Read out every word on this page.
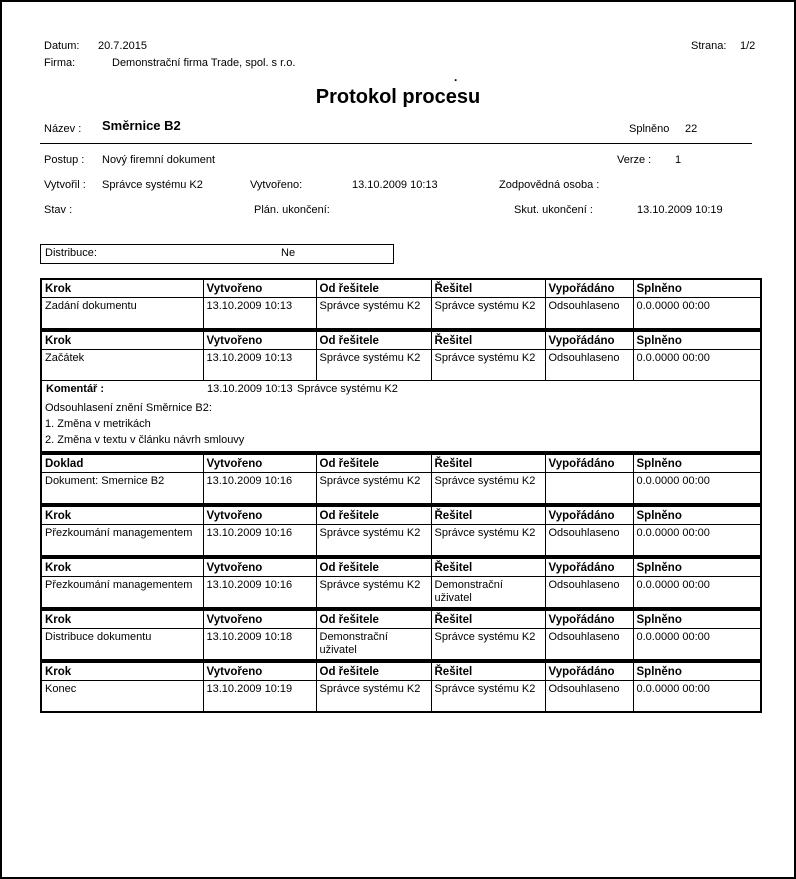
Datum: 20.7.2015	Strana: 1/2
Firma:	Demonstrační firma Trade, spol. s r.o.
.
Protokol procesu
Název : Směrnice B2	Splněno 22
Postup : Nový firemní dokument	Verze : 1
Vytvořil : Správce systému K2	Vytvořeno:	13.10.2009 10:13	Zodpovědná osoba :
Stav :	Plán. ukončení:	Skut. ukončení :	13.10.2009 10:19
Distribuce:	Ne
Krok	Vytvořeno	Od řešitele	Řešitel	Vypořádáno	Splněno
Zadání dokumentu	13.10.2009 10:13	Správce systému K2	Správce systému K2	Odsouhlaseno	0.0.0000 00:00
Krok	Vytvořeno	Od řešitele	Řešitel	Vypořádáno	Splněno
Začátek	13.10.2009 10:13	Správce systému K2	Správce systému K2	Odsouhlaseno	0.0.0000 00:00

Komentář : 13.10.2009 10:13 Správce systému K2					

Odsouhlasení znění Směrnice B2:
1. Změna v metrikách
2. Změna v textu v článku návrh smlouvy					
Doklad	Vytvořeno	Od řešitele	Řešitel	Vypořádáno	Splněno
Dokument: Smernice B2	13.10.2009 10:16	Správce systému K2	Správce systému K2		0.0.0000 00:00
Krok	Vytvořeno	Od řešitele	Řešitel	Vypořádáno	Splněno
Přezkoumání managementem	13.10.2009 10:16	Správce systému K2	Správce systému K2	Odsouhlaseno	0.0.0000 00:00
Krok	Vytvořeno	Od řešitele	Řešitel	Vypořádáno	Splněno
Přezkoumání managementem	13.10.2009 10:16	Správce systému K2	Demonstrační uživatel	Odsouhlaseno	0.0.0000 00:00
Krok	Vytvořeno	Od řešitele	Řešitel	Vypořádáno	Splněno
Distribuce dokumentu	13.10.2009 10:18	Demonstrační uživatel	Správce systému K2	Odsouhlaseno	0.0.0000 00:00
Krok	Vytvořeno	Od řešitele	Řešitel	Vypořádáno	Splněno
Konec	13.10.2009 10:19	Správce systému K2	Správce systému K2	Odsouhlaseno	0.0.0000 00:00
